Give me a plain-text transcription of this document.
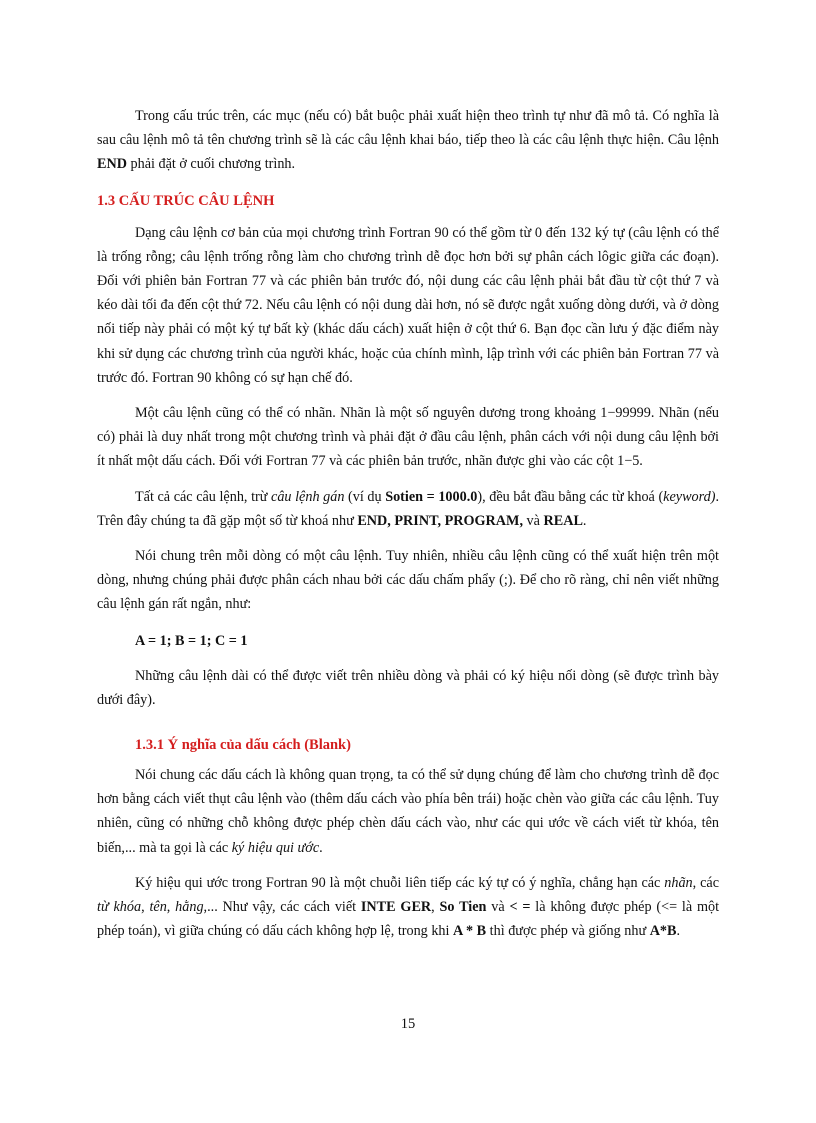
Trong cấu trúc trên, các mục (nếu có) bắt buộc phải xuất hiện theo trình tự như đã mô tả. Có nghĩa là sau câu lệnh mô tả tên chương trình sẽ là các câu lệnh khai báo, tiếp theo là các câu lệnh thực hiện. Câu lệnh END phải đặt ở cuối chương trình.

1.3 CẤU TRÚC CÂU LỆNH

Dạng câu lệnh cơ bản của mọi chương trình Fortran 90 có thể gồm từ 0 đến 132 ký tự (câu lệnh có thể là trống rỗng; câu lệnh trống rỗng làm cho chương trình dễ đọc hơn bởi sự phân cách lôgic giữa các đoạn). Đối với phiên bản Fortran 77 và các phiên bản trước đó, nội dung các câu lệnh phải bắt đầu từ cột thứ 7 và kéo dài tối đa đến cột thứ 72. Nếu câu lệnh có nội dung dài hơn, nó sẽ được ngắt xuống dòng dưới, và ở dòng nối tiếp này phải có một ký tự bất kỳ (khác dấu cách) xuất hiện ở cột thứ 6. Bạn đọc cần lưu ý đặc điểm này khi sử dụng các chương trình của người khác, hoặc của chính mình, lập trình với các phiên bản Fortran 77 và trước đó. Fortran 90 không có sự hạn chế đó.

Một câu lệnh cũng có thể có nhãn. Nhãn là một số nguyên dương trong khoảng 1−99999. Nhãn (nếu có) phải là duy nhất trong một chương trình và phải đặt ở đầu câu lệnh, phân cách với nội dung câu lệnh bởi ít nhất một dấu cách. Đối với Fortran 77 và các phiên bản trước, nhãn được ghi vào các cột 1−5.

Tất cả các câu lệnh, trừ câu lệnh gán (ví dụ Sotien = 1000.0), đều bắt đầu bằng các từ khoá (keyword). Trên đây chúng ta đã gặp một số từ khoá như END, PRINT, PROGRAM, và REAL.

Nói chung trên mỗi dòng có một câu lệnh. Tuy nhiên, nhiều câu lệnh cũng có thể xuất hiện trên một dòng, nhưng chúng phải được phân cách nhau bởi các dấu chấm phẩy (;). Để cho rõ ràng, chỉ nên viết những câu lệnh gán rất ngắn, như:

A = 1; B = 1; C = 1

Những câu lệnh dài có thể được viết trên nhiều dòng và phải có ký hiệu nối dòng (sẽ được trình bày dưới đây).

1.3.1 Ý nghĩa của dấu cách (Blank)

Nói chung các dấu cách là không quan trọng, ta có thể sử dụng chúng để làm cho chương trình dễ đọc hơn bằng cách viết thụt câu lệnh vào (thêm dấu cách vào phía bên trái) hoặc chèn vào giữa các câu lệnh. Tuy nhiên, cũng có những chỗ không được phép chèn dấu cách vào, như các qui ước về cách viết từ khóa, tên biến,... mà ta gọi là các ký hiệu qui ước.

Ký hiệu qui ước trong Fortran 90 là một chuỗi liên tiếp các ký tự có ý nghĩa, chẳng hạn các nhãn, các từ khóa, tên, hằng,... Như vậy, các cách viết INTE GER, So Tien và < = là không được phép (<= là một phép toán), vì giữa chúng có dấu cách không hợp lệ, trong khi A * B thì được phép và giống như A*B.

15
